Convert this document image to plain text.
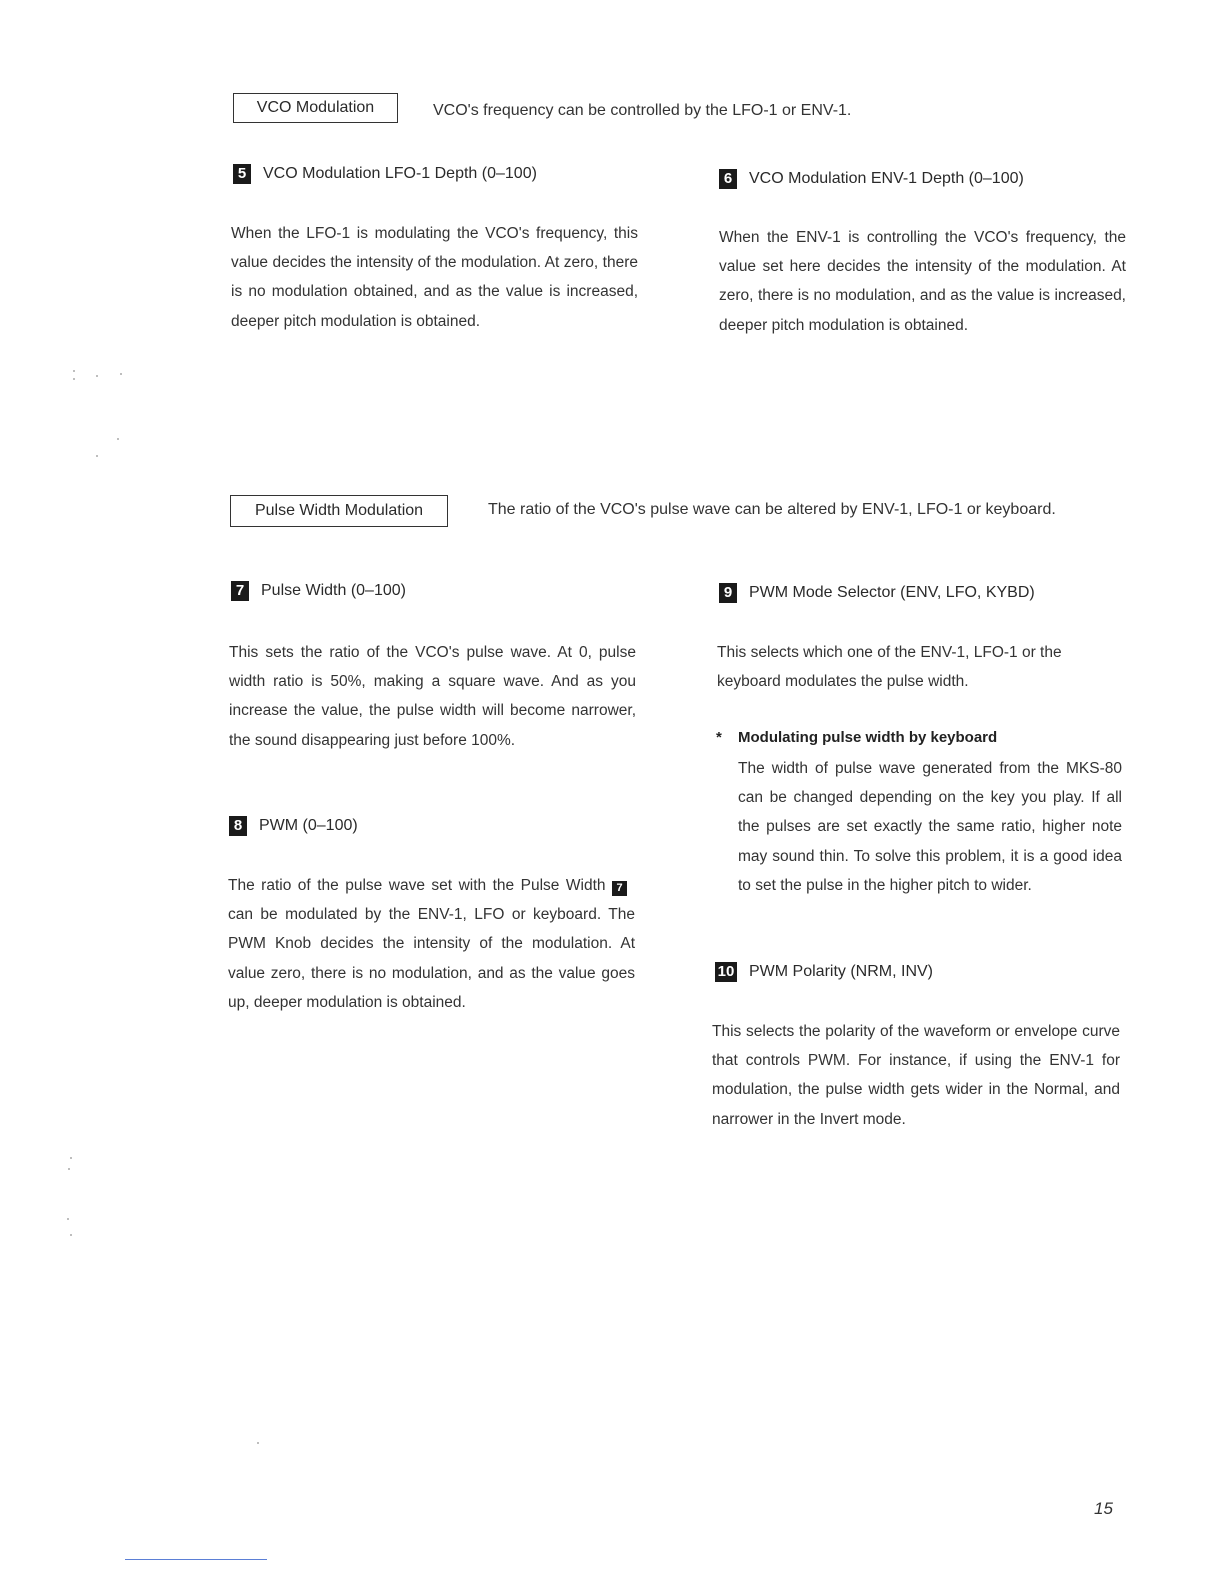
VCO Modulation	VCO's frequency can be controlled by the LFO-1 or ENV-1.
5	VCO Modulation LFO-1 Depth (0–100)
When the LFO-1 is modulating the VCO's frequency, this value decides the intensity of the modulation. At zero, there is no modulation obtained, and as the value is increased, deeper pitch modulation is obtained.
6	VCO Modulation ENV-1 Depth (0–100)
When the ENV-1 is controlling the VCO's frequency, the value set here decides the intensity of the modulation. At zero, there is no modulation, and as the value is increased, deeper pitch modulation is obtained.
Pulse Width Modulation	The ratio of the VCO's pulse wave can be altered by ENV-1, LFO-1 or keyboard.
7	Pulse Width (0–100)
This sets the ratio of the VCO's pulse wave. At 0, pulse width ratio is 50%, making a square wave. And as you increase the value, the pulse width will become narrower, the sound disappearing just before 100%.
8	PWM (0–100)
The ratio of the pulse wave set with the Pulse Width 7can be modulated by the ENV-1, LFO or keyboard. The PWM Knob decides the intensity of the modulation. At value zero, there is no modulation, and as the value goes up, deeper modulation is obtained.
9	PWM Mode Selector (ENV, LFO, KYBD)
This selects which one of the ENV-1, LFO-1 or the keyboard modulates the pulse width.
* Modulating pulse width by keyboard
The width of pulse wave generated from the MKS-80 can be changed depending on the key you play. If all the pulses are set exactly the same ratio, higher note may sound thin. To solve this problem, it is a good idea to set the pulse in the higher pitch to wider.
10 PWM Polarity (NRM, INV)
This selects the polarity of the waveform or envelope curve that controls PWM. For instance, if using the ENV-1 for modulation, the pulse width gets wider in the Normal, and narrower in the Invert mode.
15
